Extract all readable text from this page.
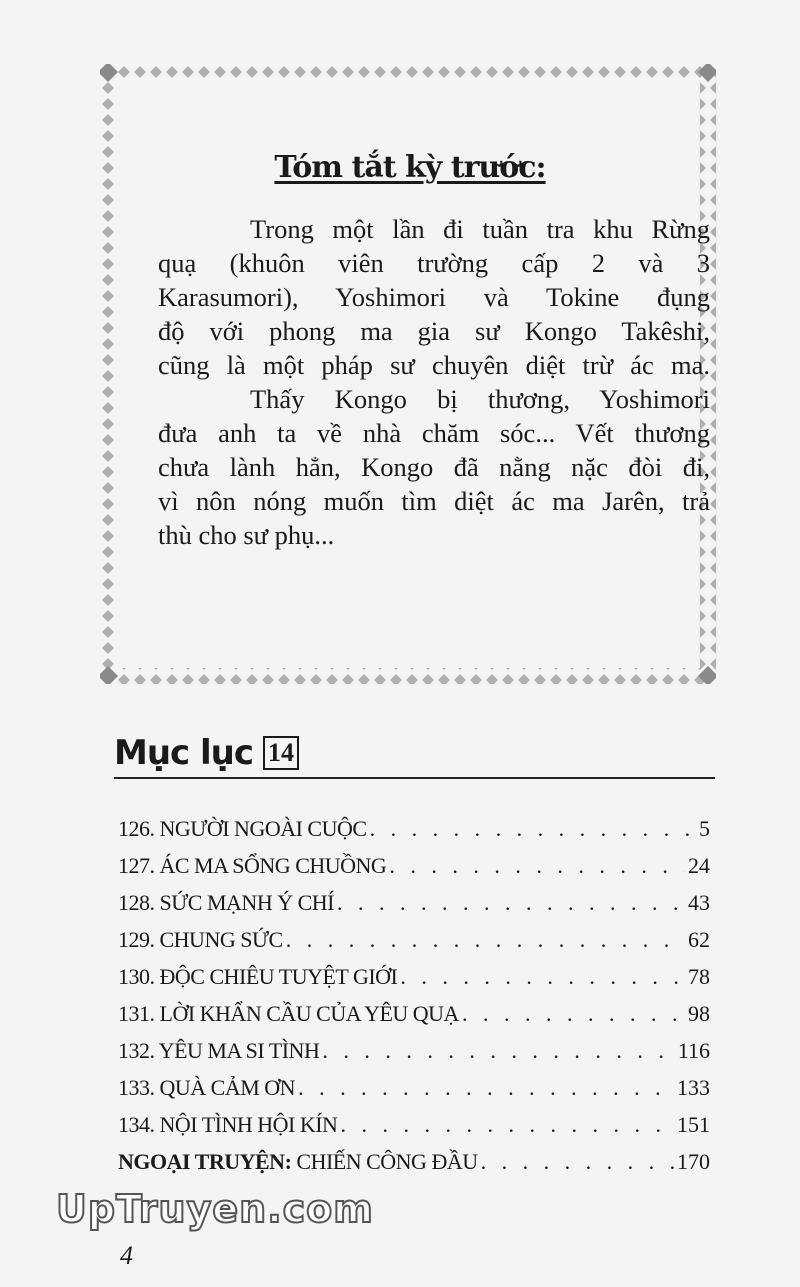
Tóm tắt kỳ trước:
Trong một lần đi tuần tra khu Rừng
quạ (khuôn viên trường cấp 2 và 3
Karasumori), Yoshimori và Tokine đụng
độ với phong ma gia sư Kongo Takêshi,
cũng là một pháp sư chuyên diệt trừ ác ma.
Thấy Kongo bị thương, Yoshimori
đưa anh ta về nhà chăm sóc... Vết thương
chưa lành hẳn, Kongo đã nằng nặc đòi đi,
vì nôn nóng muốn tìm diệt ác ma Jarên, trả
thù cho sư phụ...
Mục lục 14
126. NGƯỜI NGOÀI CUỘC . . .	5
127. ÁC MA SỔNG CHUỒNG . . .	24
128. SỨC MẠNH Ý CHÍ . . .	43
129. CHUNG SỨC . . .	62
130. ĐỘC CHIÊU TUYỆT GIỚI . . .	78
131. LỜI KHẨN CẦU CỦA YÊU QUẠ . . .	98
132. YÊU MA SI TÌNH . . .	116
133. QUÀ CẢM ƠN . . .	133
134. NỘI TÌNH HỘI KÍN . . .	151
NGOẠI TRUYỆN: CHIẾN CÔNG ĐẦU . . .	170
UpTruyen.com
4
